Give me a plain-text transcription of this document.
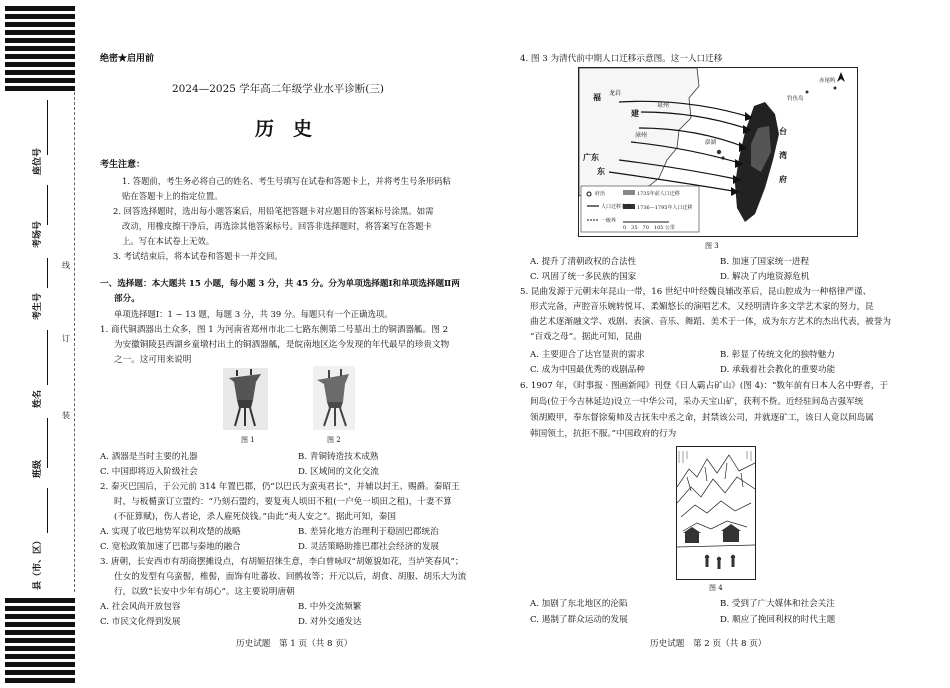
座位号
考场号
考生号
姓名
班级
县（市、区）
线
订
装
绝密★启用前
2024—2025 学年高二年级学业水平诊断(三)
历　史
考生注意：
1. 答题前，考生务必将自己的姓名、考生号填写在试卷和答题卡上，并将考生号条形码粘
贴在答题卡上的指定位置。
2. 回答选择题时，选出每小题答案后，用铅笔把答题卡对应题目的答案标号涂黑。如需
改动，用橡皮擦干净后，再选涂其他答案标号。回答非选择题时，将答案写在答题卡
上。写在本试卷上无效。
3. 考试结束后，将本试卷和答题卡一并交回。
一、选择题：本大题共 15 小题，每小题 3 分，共 45 分。分为单项选择题Ⅰ和单项选择题Ⅱ两
部分。
单项选择题Ⅰ：1 ~ 13 题，每题 3 分，共 39 分。每题只有一个正确选项。
1. 商代铜酒器出土众多，图 1 为河南省郑州市北二七路东侧第二号墓出土的铜酒器觚。图 2
为安徽铜陵县西湖乡童墩村出土的铜酒器觚，是皖南地区迄今发现的年代最早的珍贵文物
之一。这可用来说明
图 1	图 2
A. 酒器是当时主要的礼器	B. 青铜铸造技术成熟
C. 中国即将迈入阶级社会	D. 区域间的文化交流
2. 秦灭巴国后，于公元前 314 年置巴郡，仍“以巴氏为蛮夷君长”，并辅以封王、赐爵。秦昭王
时，与板楯蛮订立盟约：“乃刻石盟约，要复夷人顷田不租(一户免一顷田之租)，十妻不算
(不征算赋)，伤人者论，杀人雇死倓钱。”由此“夷人安之”。据此可知，秦国
A. 实现了收巴地势军以利攻楚的战略	B. 差异化地方治理利于稳固巴郡统治
C. 宽松政策加速了巴郡与秦地的融合	D. 灵活策略助推巴郡社会经济的发展
3. 唐朝，长安西市有胡商摆摊设点，有胡姬招徕生意，李白曾咏叹“胡姬貌如花，当垆笑春风”；
仕女的发型有乌蛮髻，椎髻，面饰有吐蕃妆、回鹘妆等；开元以后，胡食、胡服、胡乐大为流
行，以致“长安中少年有胡心”。这主要说明唐朝
A. 社会风尚开放包容	B. 中外交流频繁
C. 市民文化得到发展	D. 对外交通发达
历史试题　第 1 页（共 8 页）
4. 图 3 为清代前中期人口迁移示意图。这一人口迁移
福
建
泉州
漳州
龙岩
广东
东
台
湾
府
钓鱼岛
赤尾屿
澎湖
府治	1735年前人口迁移
人口迁移方向 1736—1795年人口迁移
一级界
0　35　70　105 公里
图 3
A. 提升了清朝政权的合法性	B. 加速了国家统一进程
C. 巩固了统一多民族的国家	D. 解决了内地资源危机
5. 昆曲发源于元朝末年昆山一带，16 世纪中叶经魏良辅改革后，昆山腔成为一种格律严谨、
形式完备，声腔音乐婉转悦耳、柔媚悠长的演唱艺术，又经明清许多文学艺术家的努力，昆
曲艺术逐渐融文学、戏剧、表演、音乐、舞蹈、美术于一体，成为东方艺术的杰出代表，被誉为
“百戏之母”。据此可知，昆曲
A. 主要迎合了达官显贵的需求	B. 彰显了传统文化的独特魅力
C. 成为中国最优秀的戏剧品种	D. 承载着社会教化的重要功能
6. 1907 年，《时事报 · 图画新闻》刊登《日人霸占矿山》(图 4)：“数年前有日本人名中野者，于
间岛(位于今吉林延边)设立一中华公司，采办天宝山矿，获利不赀。近经驻间岛吉强军统
领胡殿甲，奉东督徐菊帅及吉抚朱中丞之命，封禁该公司，并就逐矿工，该日人竟以间岛属
韩国领土，抗拒不服。”中国政府的行为
图 4
A. 加剧了东北地区的沦陷	B. 受到了广大媒体和社会关注
C. 遏制了群众运动的发展	D. 顺应了挽回利权的时代主题
历史试题　第 2 页（共 8 页）
